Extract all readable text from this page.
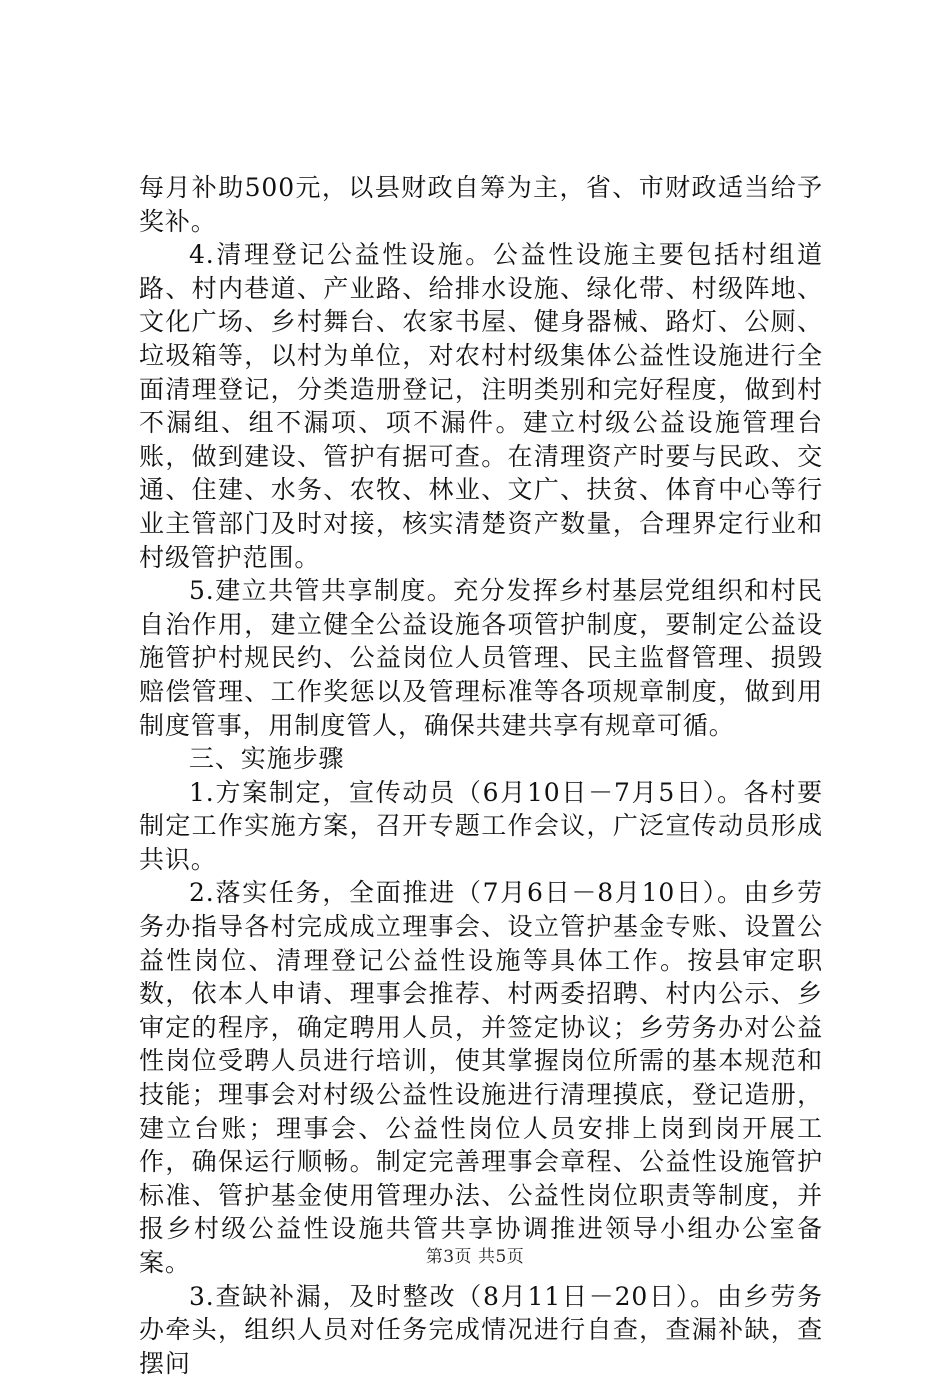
每月补助500元，以县财政自筹为主，省、市财政适当给予奖补。

4.清理登记公益性设施。公益性设施主要包括村组道路、村内巷道、产业路、给排水设施、绿化带、村级阵地、文化广场、乡村舞台、农家书屋、健身器械、路灯、公厕、垃圾箱等，以村为单位，对农村村级集体公益性设施进行全面清理登记，分类造册登记，注明类别和完好程度，做到村不漏组、组不漏项、项不漏件。建立村级公益设施管理台账，做到建设、管护有据可查。在清理资产时要与民政、交通、住建、水务、农牧、林业、文广、扶贫、体育中心等行业主管部门及时对接，核实清楚资产数量，合理界定行业和村级管护范围。

5.建立共管共享制度。充分发挥乡村基层党组织和村民自治作用，建立健全公益设施各项管护制度，要制定公益设施管护村规民约、公益岗位人员管理、民主监督管理、损毁赔偿管理、工作奖惩以及管理标准等各项规章制度，做到用制度管事，用制度管人，确保共建共享有规章可循。

三、实施步骤

1.方案制定，宣传动员（6月10日－7月5日）。各村要制定工作实施方案，召开专题工作会议，广泛宣传动员形成共识。

2.落实任务，全面推进（7月6日－8月10日）。由乡劳务办指导各村完成成立理事会、设立管护基金专账、设置公益性岗位、清理登记公益性设施等具体工作。按县审定职数，依本人申请、理事会推荐、村两委招聘、村内公示、乡审定的程序，确定聘用人员，并签定协议；乡劳务办对公益性岗位受聘人员进行培训，使其掌握岗位所需的基本规范和技能；理事会对村级公益性设施进行清理摸底，登记造册，建立台账；理事会、公益性岗位人员安排上岗到岗开展工作，确保运行顺畅。制定完善理事会章程、公益性设施管护标准、管护基金使用管理办法、公益性岗位职责等制度，并报乡村级公益性设施共管共享协调推进领导小组办公室备案。

3.查缺补漏，及时整改（8月11日－20日）。由乡劳务办牵头，组织人员对任务完成情况进行自查，查漏补缺，查摆问

第3页 共5页
